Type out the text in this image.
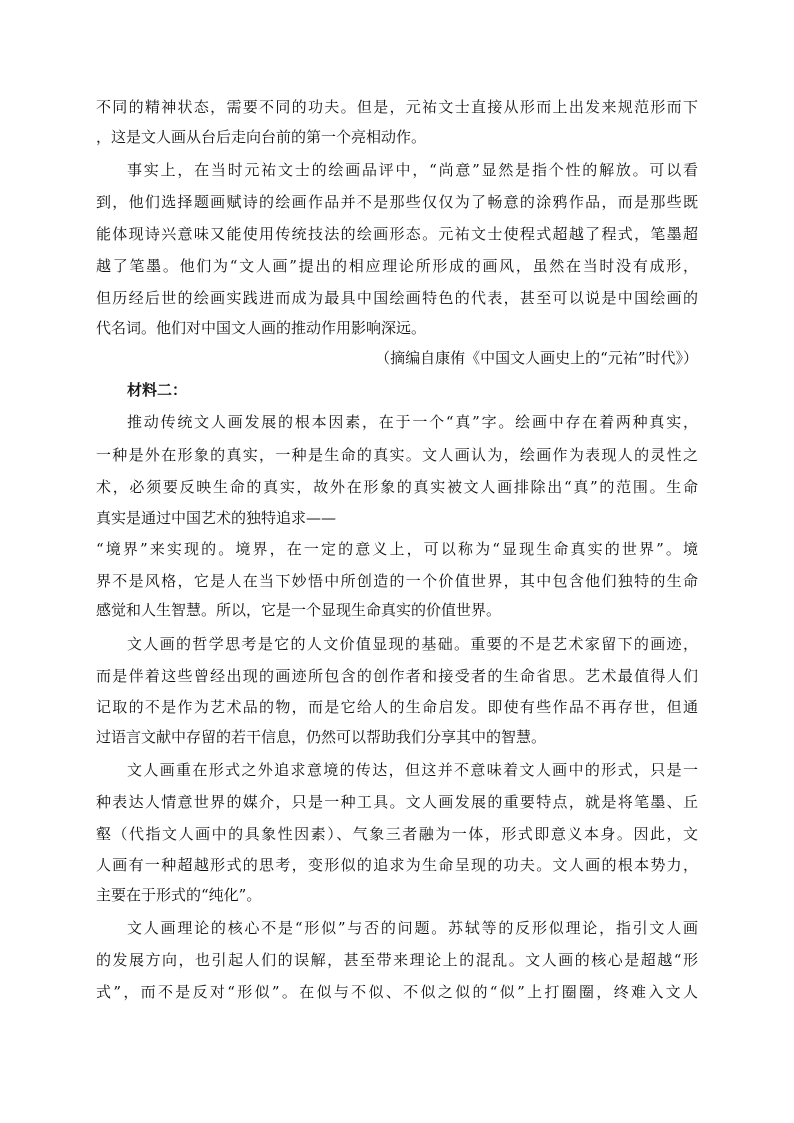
不同的精神状态，需要不同的功夫。但是，元祐文士直接从形而上出发来规范形而下
，这是文人画从台后走向台前的第一个亮相动作。
事实上，在当时元祐文士的绘画品评中，“尚意”显然是指个性的解放。可以看
到，他们选择题画赋诗的绘画作品并不是那些仅仅为了畅意的涂鸦作品，而是那些既
能体现诗兴意味又能使用传统技法的绘画形态。元祐文士使程式超越了程式，笔墨超
越了笔墨。他们为“文人画”提出的相应理论所形成的画风，虽然在当时没有成形，
但历经后世的绘画实践进而成为最具中国绘画特色的代表，甚至可以说是中国绘画的
代名词。他们对中国文人画的推动作用影响深远。
（摘编自康侑《中国文人画史上的“元祐”时代》）
材料二：
推动传统文人画发展的根本因素，在于一个“真”字。绘画中存在着两种真实，
一种是外在形象的真实，一种是生命的真实。文人画认为，绘画作为表现人的灵性之
术，必须要反映生命的真实，故外在形象的真实被文人画排除出“真”的范围。生命
真实是通过中国艺术的独特追求——
“境界”来实现的。境界，在一定的意义上，可以称为“显现生命真实的世界”。境
界不是风格，它是人在当下妙悟中所创造的一个价值世界，其中包含他们独特的生命
感觉和人生智慧。所以，它是一个显现生命真实的价值世界。
文人画的哲学思考是它的人文价值显现的基础。重要的不是艺术家留下的画迹，
而是伴着这些曾经出现的画迹所包含的创作者和接受者的生命省思。艺术最值得人们
记取的不是作为艺术品的物，而是它给人的生命启发。即使有些作品不再存世，但通
过语言文献中存留的若干信息，仍然可以帮助我们分享其中的智慧。
文人画重在形式之外追求意境的传达，但这并不意味着文人画中的形式，只是一
种表达人情意世界的媒介，只是一种工具。文人画发展的重要特点，就是将笔墨、丘
壑（代指文人画中的具象性因素）、气象三者融为一体，形式即意义本身。因此，文
人画有一种超越形式的思考，变形似的追求为生命呈现的功夫。文人画的根本势力，
主要在于形式的“纯化”。
文人画理论的核心不是“形似”与否的问题。苏轼等的反形似理论，指引文人画
的发展方向，也引起人们的误解，甚至带来理论上的混乱。文人画的核心是超越“形
式”，而不是反对“形似”。在似与不似、不似之似的“似”上打圈圈，终难入文人
